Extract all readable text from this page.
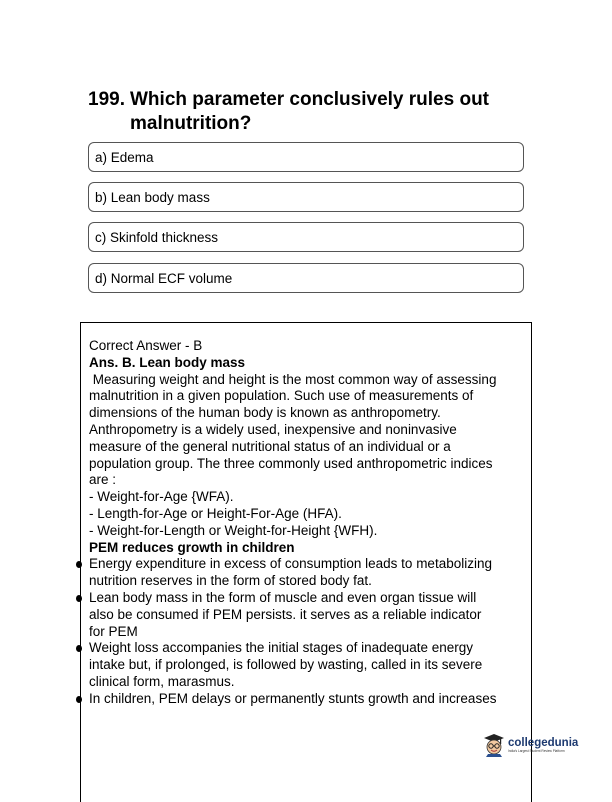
199. Which parameter conclusively rules out
malnutrition?
a) Edema
b) Lean body mass
c) Skinfold thickness
d) Normal ECF volume

Correct Answer - B

Ans. B. Lean body mass

Measuring weight and height is the most common way of assessing

malnutrition in a given population. Such use of measurements of

dimensions of the human body is known as anthropometry.

Anthropometry is a widely used, inexpensive and noninvasive

measure of the general nutritional status of an individual or a

population group. The three commonly used anthropometric indices

are :

- Weight-for-Age {WFA).

- Length-for-Age or Height-For-Age (HFA).

- Weight-for-Length or Weight-for-Height {WFH).

PEM reduces growth in children

Energy expenditure in excess of consumption leads to metabolizing

nutrition reserves in the form of stored body fat.

Lean body mass in the form of muscle and even organ tissue will

also be consumed if PEM persists. it serves as a reliable indicator

for PEM

Weight loss accompanies the initial stages of inadequate energy

intake but, if prolonged, is followed by wasting, called in its severe

clinical form, marasmus.

In children, PEM delays or permanently stunts growth and increases

collegedunia
India's Largest Student Review Platform
